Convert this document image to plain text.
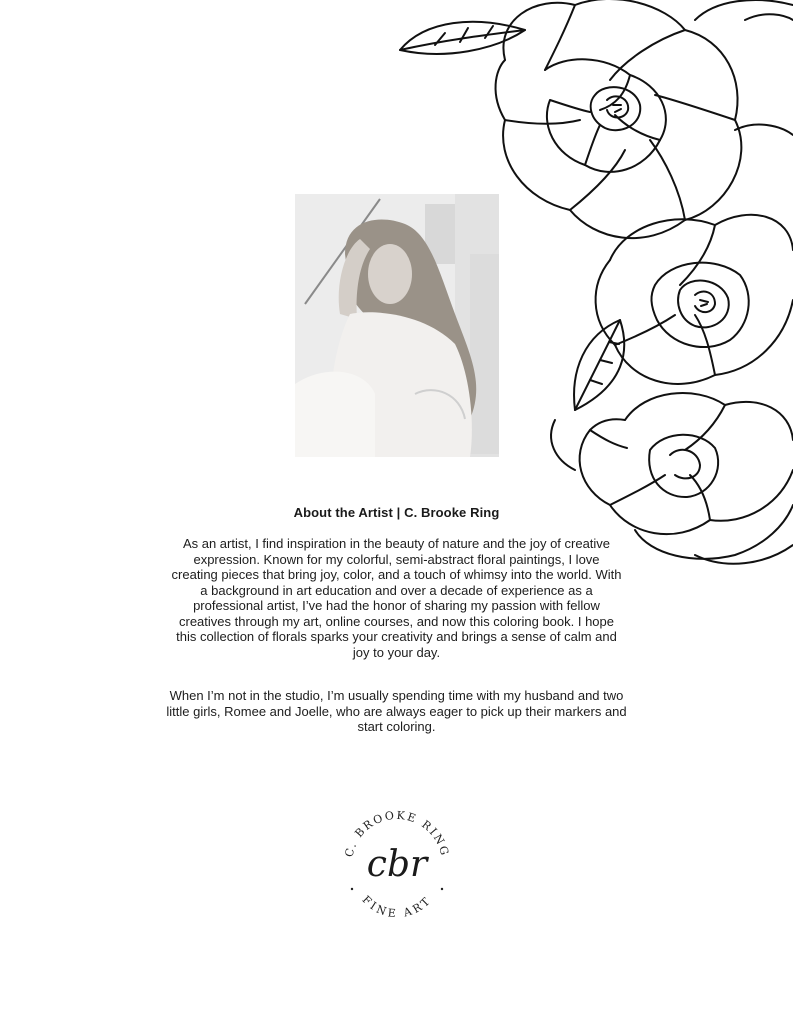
About the Artist | C. Brooke Ring

As an artist, I find inspiration in the beauty of nature and the joy of creative expression. Known for my colorful, semi-abstract floral paintings, I love creating pieces that bring joy, color, and a touch of whimsy into the world. With a background in art education and over a decade of experience as a professional artist, I’ve had the honor of sharing my passion with fellow creatives through my art, online courses, and now this coloring book. I hope this collection of florals sparks your creativity and brings a sense of calm and joy to your day.

When I’m not in the studio, I’m usually spending time with my husband and two little girls, Romee and Joelle, who are always eager to pick up their markers and start coloring.

C. BROOKE RING
FINE ART
cbr
